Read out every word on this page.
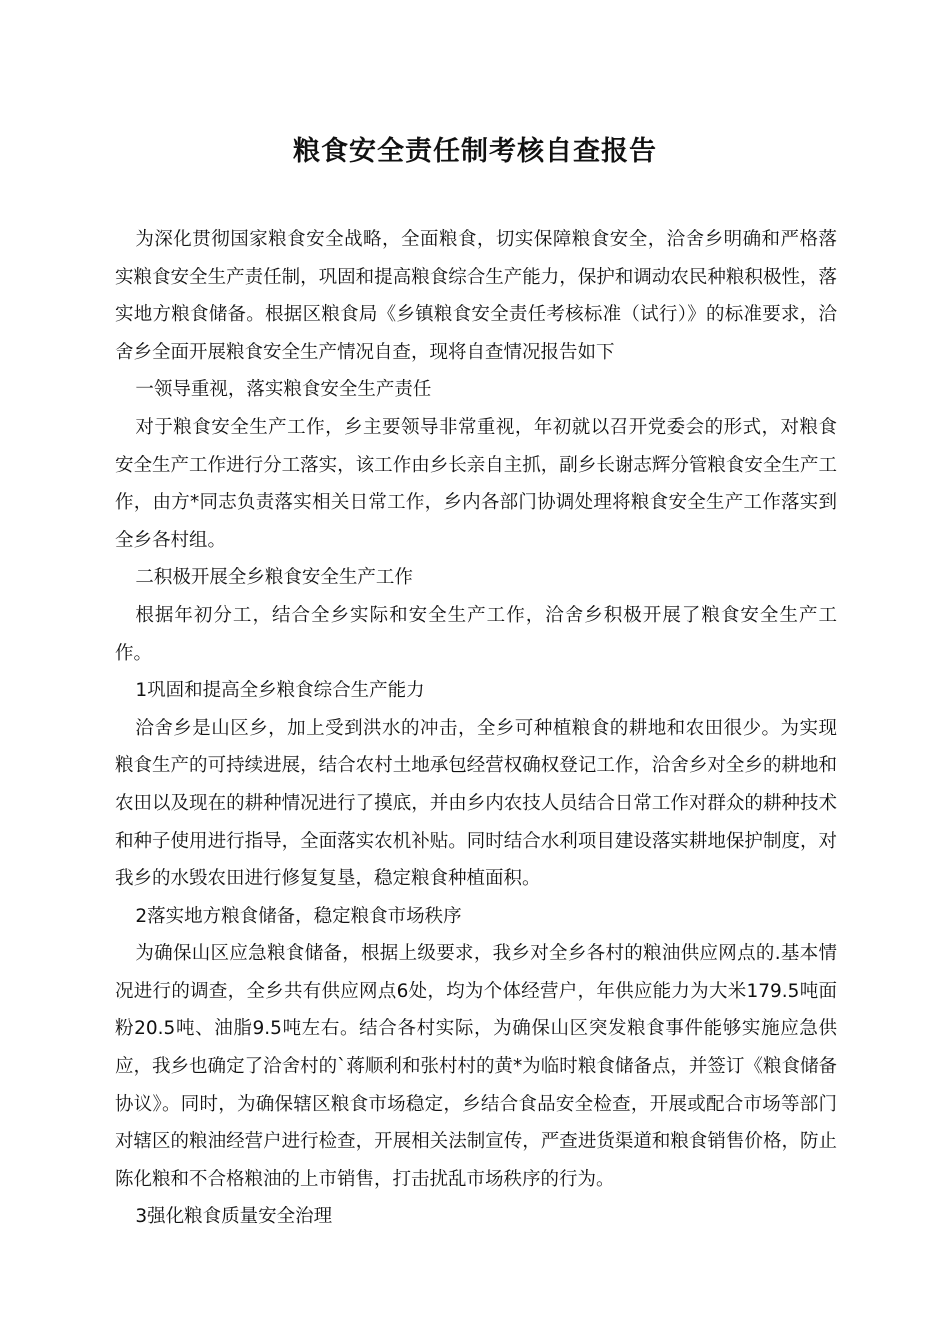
粮食安全责任制考核自查报告

为深化贯彻国家粮食安全战略，全面粮食，切实保障粮食安全，洽舍乡明确和严格落实粮食安全生产责任制，巩固和提高粮食综合生产能力，保护和调动农民种粮积极性，落实地方粮食储备。根据区粮食局《乡镇粮食安全责任考核标准（试行）》的标准要求，洽舍乡全面开展粮食安全生产情况自查，现将自查情况报告如下

一领导重视，落实粮食安全生产责任

对于粮食安全生产工作，乡主要领导非常重视，年初就以召开党委会的形式，对粮食安全生产工作进行分工落实，该工作由乡长亲自主抓，副乡长谢志辉分管粮食安全生产工作，由方*同志负责落实相关日常工作，乡内各部门协调处理将粮食安全生产工作落实到全乡各村组。

二积极开展全乡粮食安全生产工作

根据年初分工，结合全乡实际和安全生产工作，洽舍乡积极开展了粮食安全生产工作。

1巩固和提高全乡粮食综合生产能力

洽舍乡是山区乡，加上受到洪水的冲击，全乡可种植粮食的耕地和农田很少。为实现粮食生产的可持续进展，结合农村土地承包经营权确权登记工作，洽舍乡对全乡的耕地和农田以及现在的耕种情况进行了摸底，并由乡内农技人员结合日常工作对群众的耕种技术和种子使用进行指导，全面落实农机补贴。同时结合水利项目建设落实耕地保护制度，对我乡的水毁农田进行修复复垦，稳定粮食种植面积。

2落实地方粮食储备，稳定粮食市场秩序

为确保山区应急粮食储备，根据上级要求，我乡对全乡各村的粮油供应网点的.基本情况进行的调查，全乡共有供应网点6处，均为个体经营户，年供应能力为大米179.5吨面粉20.5吨、油脂9.5吨左右。结合各村实际，为确保山区突发粮食事件能够实施应急供应，我乡也确定了洽舍村的`蒋顺利和张村村的黄*为临时粮食储备点，并签订《粮食储备协议》。同时，为确保辖区粮食市场稳定，乡结合食品安全检查，开展或配合市场等部门对辖区的粮油经营户进行检查，开展相关法制宣传，严查进货渠道和粮食销售价格，防止陈化粮和不合格粮油的上市销售，打击扰乱市场秩序的行为。

3强化粮食质量安全治理
